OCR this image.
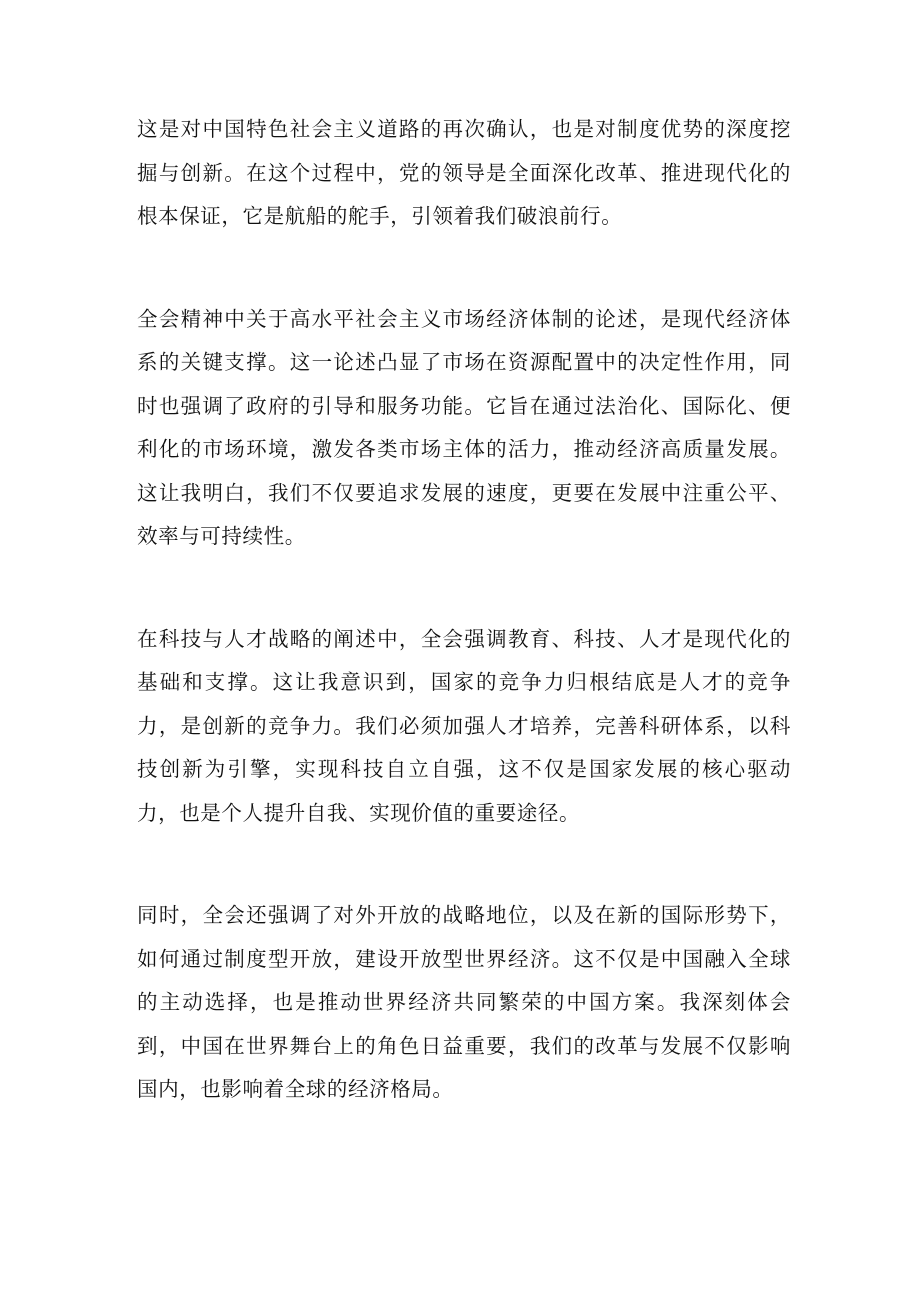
这是对中国特色社会主义道路的再次确认，也是对制度优势的深度挖掘与创新。在这个过程中，党的领导是全面深化改革、推进现代化的根本保证，它是航船的舵手，引领着我们破浪前行。

全会精神中关于高水平社会主义市场经济体制的论述，是现代经济体系的关键支撑。这一论述凸显了市场在资源配置中的决定性作用，同时也强调了政府的引导和服务功能。它旨在通过法治化、国际化、便利化的市场环境，激发各类市场主体的活力，推动经济高质量发展。这让我明白，我们不仅要追求发展的速度，更要在发展中注重公平、效率与可持续性。

在科技与人才战略的阐述中，全会强调教育、科技、人才是现代化的基础和支撑。这让我意识到，国家的竞争力归根结底是人才的竞争力，是创新的竞争力。我们必须加强人才培养，完善科研体系，以科技创新为引擎，实现科技自立自强，这不仅是国家发展的核心驱动力，也是个人提升自我、实现价值的重要途径。

同时，全会还强调了对外开放的战略地位，以及在新的国际形势下，如何通过制度型开放，建设开放型世界经济。这不仅是中国融入全球的主动选择，也是推动世界经济共同繁荣的中国方案。我深刻体会到，中国在世界舞台上的角色日益重要，我们的改革与发展不仅影响国内，也影响着全球的经济格局。
